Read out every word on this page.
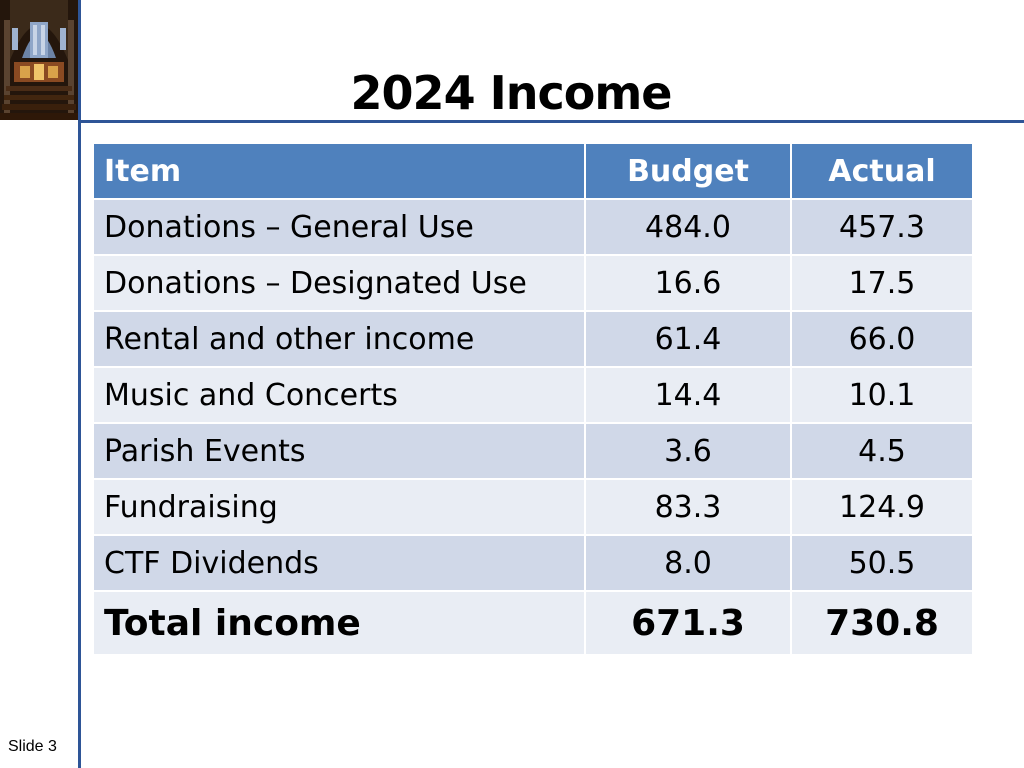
2024 Income
Item	Budget	Actual
Donations – General Use	484.0	457.3
Donations – Designated Use	16.6	17.5
Rental and other income	61.4	66.0
Music and Concerts	14.4	10.1
Parish Events	3.6	4.5
Fundraising	83.3	124.9
CTF Dividends	8.0	50.5
Total income	671.3	730.8
Slide 3
